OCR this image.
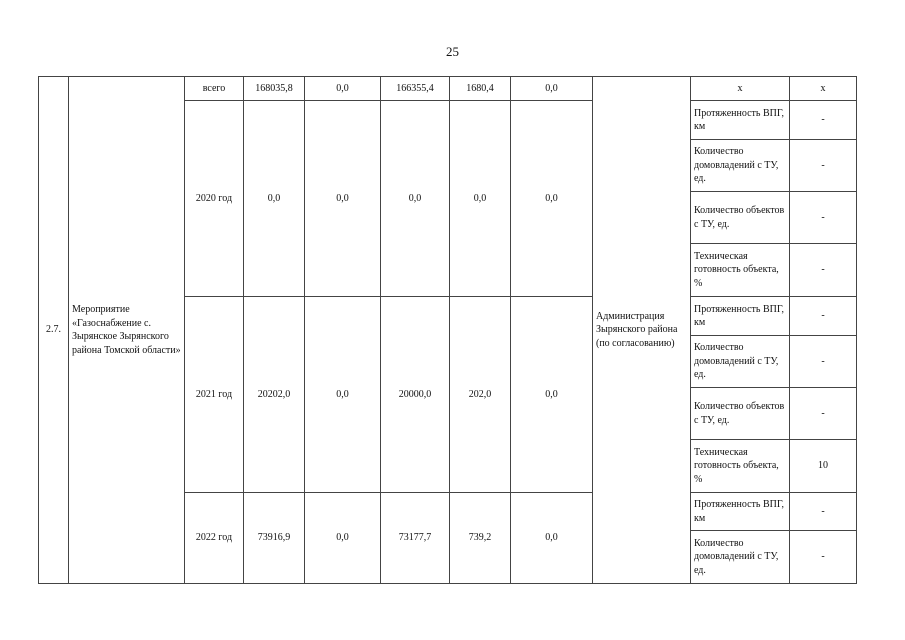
25
2.7.	Мероприятие «Газоснабжение с. Зырянское Зырянского района Томской области»	всего	168035,8	0,0	166355,4	1680,4	0,0	Администрация Зырянского района (по согласованию)	х	х
		2020 год	0,0	0,0	0,0	0,0	0,0		Протяженность ВПГ, км	-
									Количество домовладений с ТУ, ед.	-
									Количество объектов с ТУ, ед.	-
									Техническая готовность объекта, %	-
		2021 год	20202,0	0,0	20000,0	202,0	0,0		Протяженность ВПГ, км	-
									Количество домовладений с ТУ, ед.	-
									Количество объектов с ТУ, ед.	-
									Техническая готовность объекта, %	10
		2022 год	73916,9	0,0	73177,7	739,2	0,0		Протяженность ВПГ, км	-
									Количество домовладений с ТУ, ед.	-
